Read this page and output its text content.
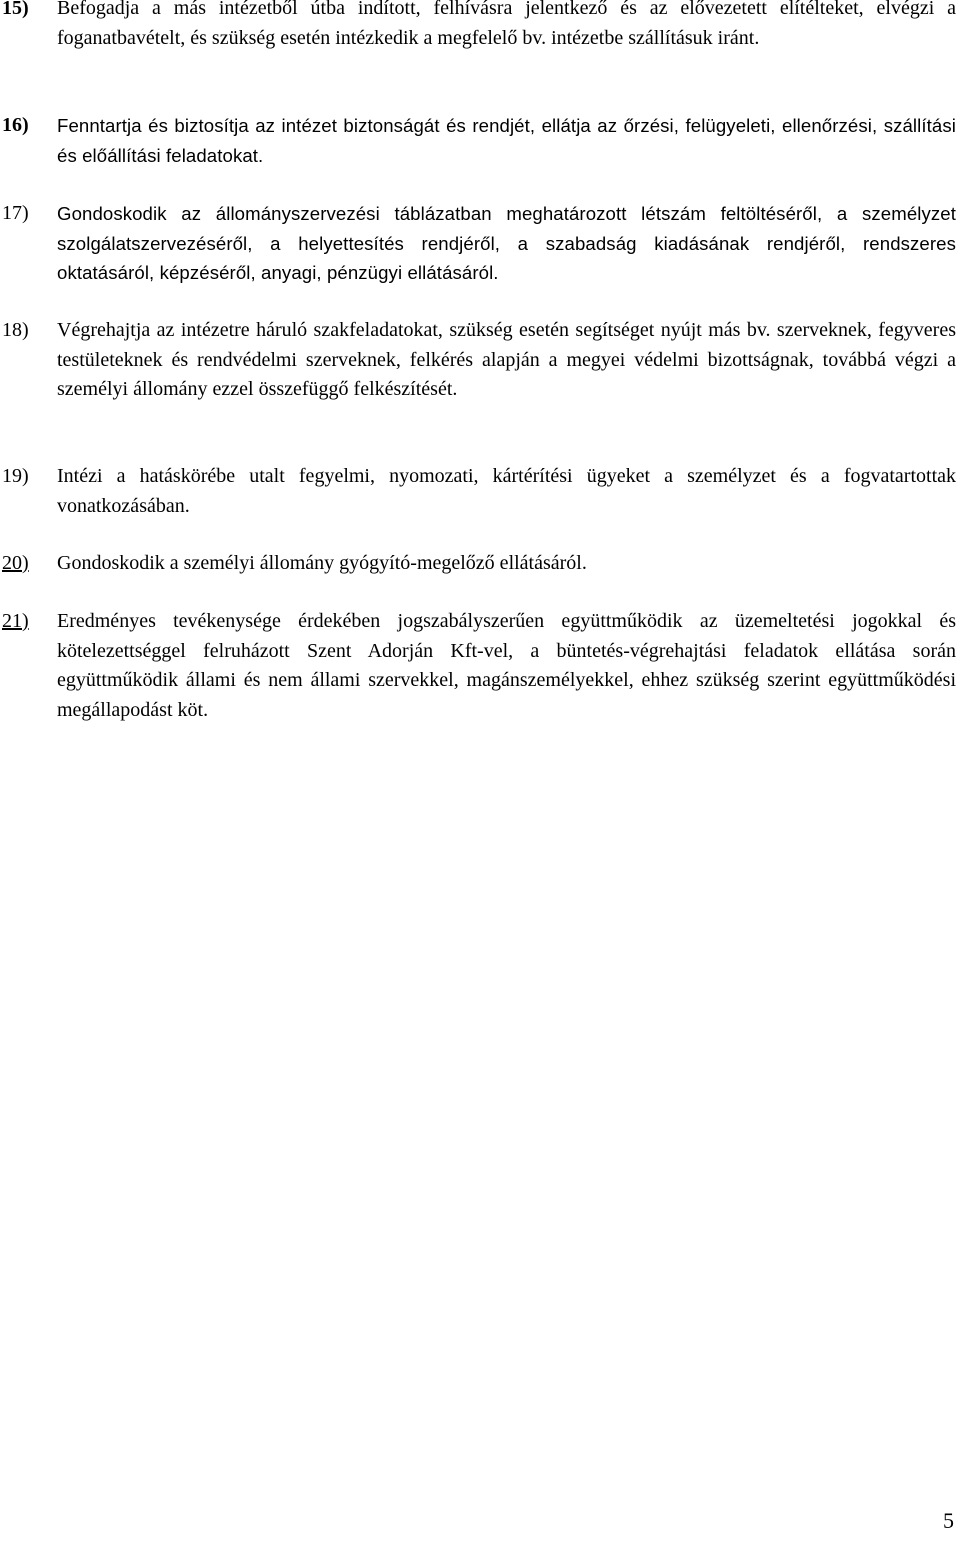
15) Befogadja a más intézetből útba indított, felhívásra jelentkező és az elővezetett elítélteket, elvégzi a foganatbavételt, és szükség esetén intézkedik a megfelelő bv. intézetbe szállításuk iránt.
16) Fenntartja és biztosítja az intézet biztonságát és rendjét, ellátja az őrzési, felügyeleti, ellenőrzési, szállítási és előállítási feladatokat.
17) Gondoskodik az állományszervezési táblázatban meghatározott létszám feltöltéséről, a személyzet szolgálatszervezéséről, a helyettesítés rendjéről, a szabadság kiadásának rendjéről, rendszeres oktatásáról, képzéséről, anyagi, pénzügyi ellátásáról.
18) Végrehajtja az intézetre háruló szakfeladatokat, szükség esetén segítséget nyújt más bv. szerveknek, fegyveres testületeknek és rendvédelmi szerveknek, felkérés alapján a megyei védelmi bizottságnak, továbbá végzi a személyi állomány ezzel összefüggő felkészítését.
19) Intézi a hatáskörébe utalt fegyelmi, nyomozati, kártérítési ügyeket a személyzet és a fogvatartottak vonatkozásában.
20) Gondoskodik a személyi állomány gyógyító-megelőző ellátásáról.
21) Eredményes tevékenysége érdekében jogszabályszerűen együttműködik az üzemeltetési jogokkal és kötelezettséggel felruházott Szent Adorján Kft-vel, a büntetés-végrehajtási feladatok ellátása során együttműködik állami és nem állami szervekkel, magánszemélyekkel, ehhez szükség szerint együttműködési megállapodást köt.
5
